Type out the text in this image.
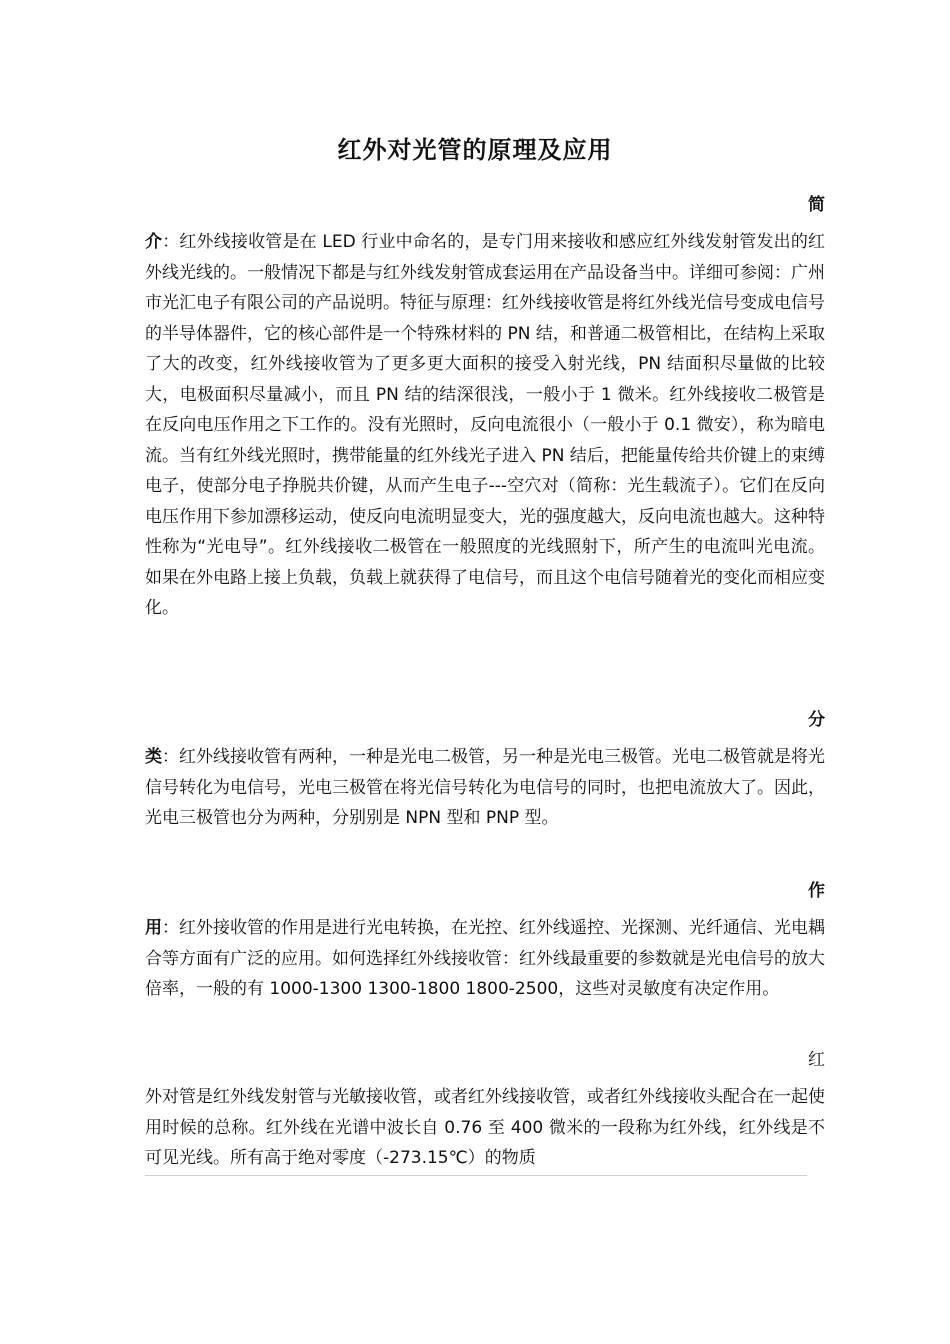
红外对光管的原理及应用
简
介：红外线接收管是在 LED 行业中命名的，是专门用来接收和感应红外线发射管发出的红外线光线的。一般情况下都是与红外线发射管成套运用在产品设备当中。详细可参阅：广州市光汇电子有限公司的产品说明。特征与原理：红外线接收管是将红外线光信号变成电信号的半导体器件，它的核心部件是一个特殊材料的 PN 结，和普通二极管相比，在结构上采取了大的改变，红外线接收管为了更多更大面积的接受入射光线，PN 结面积尽量做的比较大，电极面积尽量减小，而且 PN 结的结深很浅，一般小于 1 微米。红外线接收二极管是在反向电压作用之下工作的。没有光照时，反向电流很小（一般小于 0.1 微安），称为暗电流。当有红外线光照时，携带能量的红外线光子进入 PN 结后，把能量传给共价键上的束缚电子，使部分电子挣脱共价键，从而产生电子---空穴对（简称：光生载流子）。它们在反向电压作用下参加漂移运动，使反向电流明显变大，光的强度越大，反向电流也越大。这种特性称为“光电导”。红外线接收二极管在一般照度的光线照射下，所产生的电流叫光电流。如果在外电路上接上负载，负载上就获得了电信号，而且这个电信号随着光的变化而相应变化。
分
类：红外线接收管有两种，一种是光电二极管，另一种是光电三极管。光电二极管就是将光信号转化为电信号，光电三极管在将光信号转化为电信号的同时，也把电流放大了。因此，光电三极管也分为两种，分别别是 NPN 型和 PNP 型。
作
用：红外接收管的作用是进行光电转换，在光控、红外线遥控、光探测、光纤通信、光电耦合等方面有广泛的应用。如何选择红外线接收管：红外线最重要的参数就是光电信号的放大倍率，一般的有 1000-1300 1300-1800 1800-2500，这些对灵敏度有决定作用。
红
外对管是红外线发射管与光敏接收管，或者红外线接收管，或者红外线接收头配合在一起使用时候的总称。红外线在光谱中波长自 0.76 至 400 微米的一段称为红外线，红外线是不可见光线。所有高于绝对零度（-273.15℃）的物质
